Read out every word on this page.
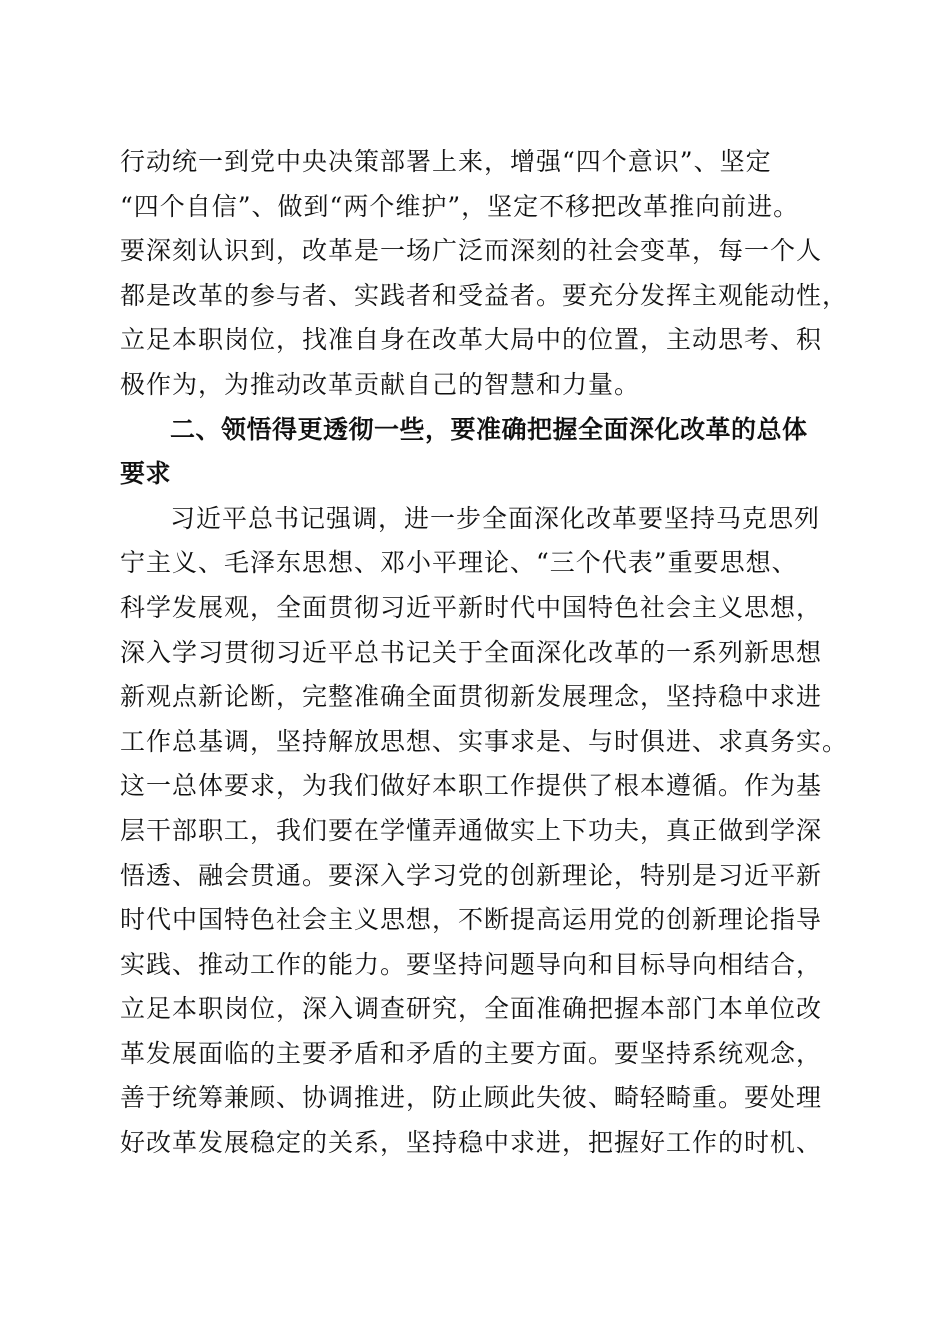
行动统一到党中央决策部署上来，增强“四个意识”、坚定
“四个自信”、做到“两个维护”，坚定不移把改革推向前进。
要深刻认识到，改革是一场广泛而深刻的社会变革，每一个人
都是改革的参与者、实践者和受益者。要充分发挥主观能动性，
立足本职岗位，找准自身在改革大局中的位置，主动思考、积
极作为，为推动改革贡献自己的智慧和力量。
二、领悟得更透彻一些，要准确把握全面深化改革的总体
要求
习近平总书记强调，进一步全面深化改革要坚持马克思列
宁主义、毛泽东思想、邓小平理论、“三个代表”重要思想、
科学发展观，全面贯彻习近平新时代中国特色社会主义思想，
深入学习贯彻习近平总书记关于全面深化改革的一系列新思想
新观点新论断，完整准确全面贯彻新发展理念，坚持稳中求进
工作总基调，坚持解放思想、实事求是、与时俱进、求真务实。
这一总体要求，为我们做好本职工作提供了根本遵循。作为基
层干部职工，我们要在学懂弄通做实上下功夫，真正做到学深
悟透、融会贯通。要深入学习党的创新理论，特别是习近平新
时代中国特色社会主义思想，不断提高运用党的创新理论指导
实践、推动工作的能力。要坚持问题导向和目标导向相结合，
立足本职岗位，深入调查研究，全面准确把握本部门本单位改
革发展面临的主要矛盾和矛盾的主要方面。要坚持系统观念，
善于统筹兼顾、协调推进，防止顾此失彼、畸轻畸重。要处理
好改革发展稳定的关系，坚持稳中求进，把握好工作的时机、
